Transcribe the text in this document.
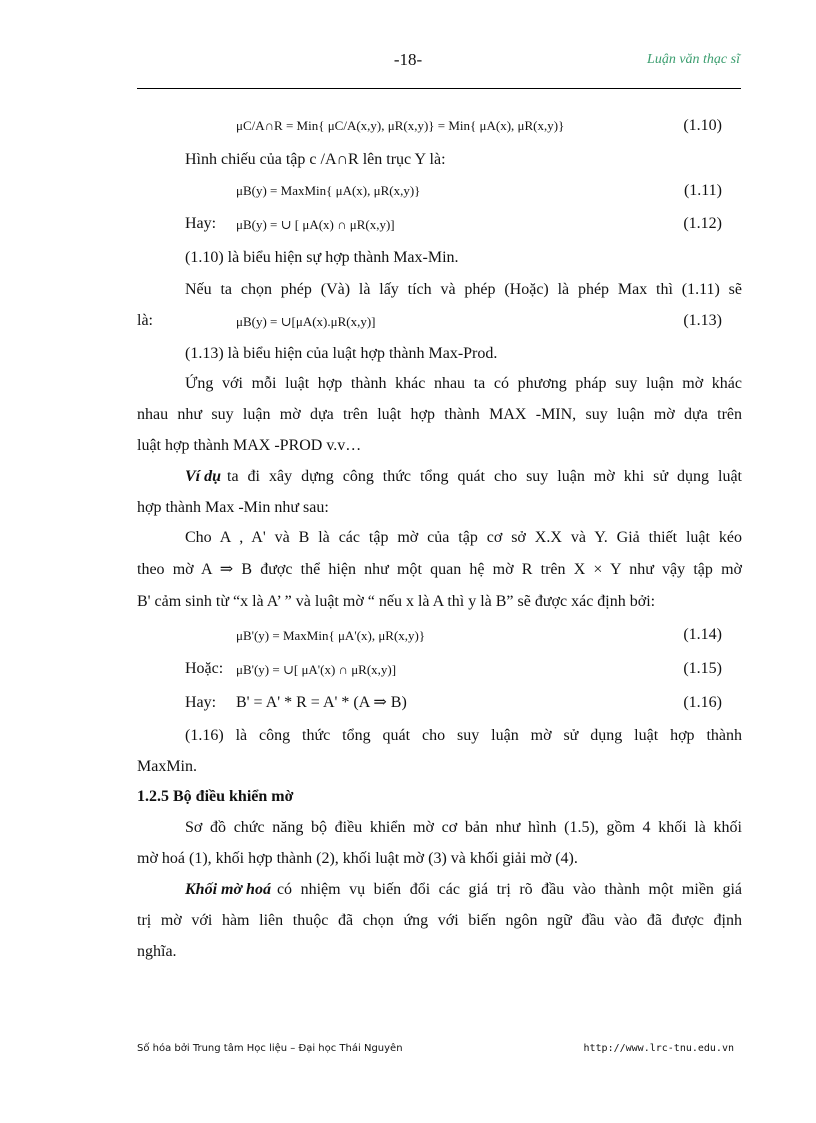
-18-	Luận văn thạc sĩ
μC/A∩R = Min{ μC/A(x,y), μR(x,y)} = Min{ μA(x), μR(x,y)}	(1.10)
Hình chiếu của tập c /A∩R lên trục Y là:
μB(y) = MaxMin{ μA(x), μR(x,y)}	(1.11)
Hay: μB(y) = ∪ [ μA(x) ∩ μR(x,y)]	(1.12)
(1.10) là biểu hiện sự hợp thành Max-Min.
Nếu ta chọn phép (Và) là lấy tích và phép (Hoặc) là phép Max thì (1.11) sẽ
là:	μB(y) = ∪[μA(x).μR(x,y)]	(1.13)
(1.13) là biểu hiện của luật hợp thành Max-Prod.
Ứng với mỗi luật hợp thành khác nhau ta có phương pháp suy luận mờ khác
nhau như suy luận mờ dựa trên luật hợp thành MAX -MIN, suy luận mờ dựa trên
luật hợp thành MAX -PROD v.v…
Ví dụ ta đi xây dựng công thức tổng quát cho suy luận mờ khi sử dụng luật
hợp thành Max -Min như sau:
Cho A , A' và B là các tập mờ của tập cơ sở X.X và Y. Giả thiết luật kéo
theo mờ A ⇒ B được thể hiện như một quan hệ mờ R trên X × Y như vậy tập mờ
B' cảm sinh từ “x là A’ ” và luật mờ “ nếu x là A thì y là B” sẽ được xác định bởi:
μB'(y) = MaxMin{ μA'(x), μR(x,y)}	(1.14)
Hoặc: μB'(y) = ∪[ μA'(x) ∩ μR(x,y)]	(1.15)
Hay: B' = A' * R = A' * (A ⇒ B)	(1.16)
(1.16) là công thức tổng quát cho suy luận mờ sử dụng luật hợp thành
MaxMin.
1.2.5 Bộ điều khiển mờ
Sơ đồ chức năng bộ điều khiển mờ cơ bản như hình (1.5), gồm 4 khối là khối
mờ hoá (1), khối hợp thành (2), khối luật mờ (3) và khối giải mờ (4).
Khối mờ hoá có nhiệm vụ biến đổi các giá trị rõ đầu vào thành một miền giá
trị mờ với hàm liên thuộc đã chọn ứng với biến ngôn ngữ đầu vào đã được định
nghĩa.
Số hóa bởi Trung tâm Học liệu – Đại học Thái Nguyên	http://www.lrc-tnu.edu.vn
